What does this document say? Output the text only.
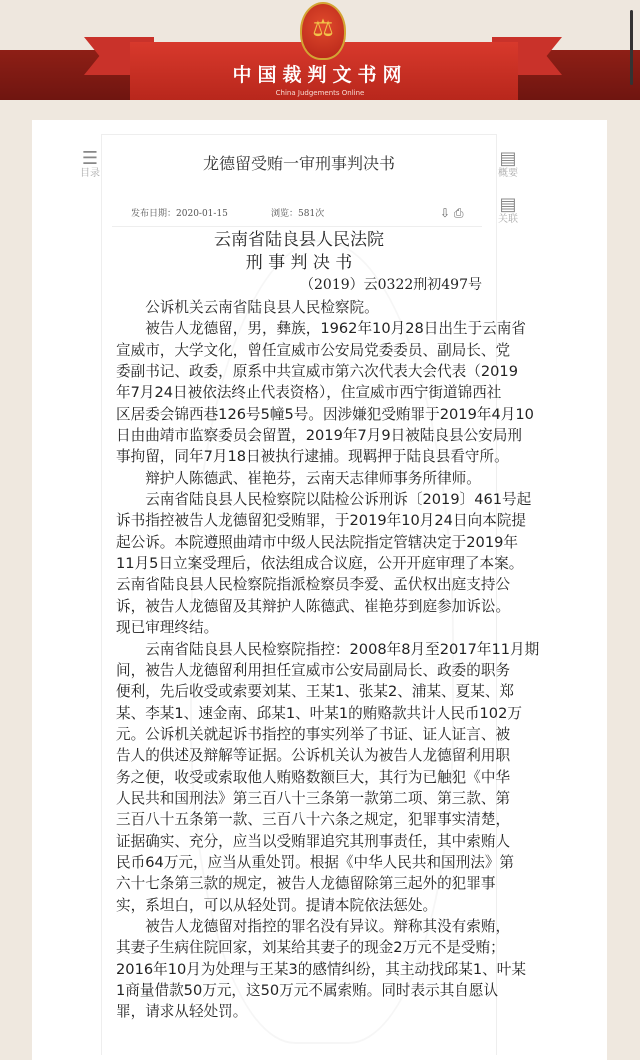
⚖
中国裁判文书网
China Judgements Online
☰
目录
▤
概要
▤
关联
龙德留受贿一审刑事判决书
发布日期：2020-01-15	浏览：581次	⇩ ⎙
云南省陆良县人民法院
刑 事 判 决 书
（2019）云0322刑初497号
公诉机关云南省陆良县人民检察院。
被告人龙德留，男，彝族，1962年10月28日出生于云南省
宣威市，大学文化，曾任宣威市公安局党委委员、副局长、党
委副书记、政委，原系中共宣威市第六次代表大会代表（2019
年7月24日被依法终止代表资格），住宣威市西宁街道锦西社
区居委会锦西巷126号5幢5号。因涉嫌犯受贿罪于2019年4月10
日由曲靖市监察委员会留置，2019年7月9日被陆良县公安局刑
事拘留，同年7月18日被执行逮捕。现羁押于陆良县看守所。
辩护人陈德武、崔艳芬，云南天志律师事务所律师。
云南省陆良县人民检察院以陆检公诉刑诉〔2019〕461号起
诉书指控被告人龙德留犯受贿罪，于2019年10月24日向本院提
起公诉。本院遵照曲靖市中级人民法院指定管辖决定于2019年
11月5日立案受理后，依法组成合议庭，公开开庭审理了本案。
云南省陆良县人民检察院指派检察员李爱、孟伏权出庭支持公
诉，被告人龙德留及其辩护人陈德武、崔艳芬到庭参加诉讼。
现已审理终结。
云南省陆良县人民检察院指控：2008年8月至2017年11月期
间，被告人龙德留利用担任宣威市公安局副局长、政委的职务
便利，先后收受或索要刘某、王某1、张某2、浦某、夏某、郑
某、李某1、速金南、邱某1、叶某1的贿赂款共计人民币102万
元。公诉机关就起诉书指控的事实列举了书证、证人证言、被
告人的供述及辩解等证据。公诉机关认为被告人龙德留利用职
务之便，收受或索取他人贿赂数额巨大，其行为已触犯《中华
人民共和国刑法》第三百八十三条第一款第二项、第三款、第
三百八十五条第一款、三百八十六条之规定，犯罪事实清楚，
证据确实、充分，应当以受贿罪追究其刑事责任，其中索贿人
民币64万元，应当从重处罚。根据《中华人民共和国刑法》第
六十七条第三款的规定，被告人龙德留除第三起外的犯罪事
实，系坦白，可以从轻处罚。提请本院依法惩处。
被告人龙德留对指控的罪名没有异议。辩称其没有索贿，
其妻子生病住院回家，刘某给其妻子的现金2万元不是受贿；
2016年10月为处理与王某3的感情纠纷，其主动找邱某1、叶某
1商量借款50万元，这50万元不属索贿。同时表示其自愿认
罪，请求从轻处罚。
